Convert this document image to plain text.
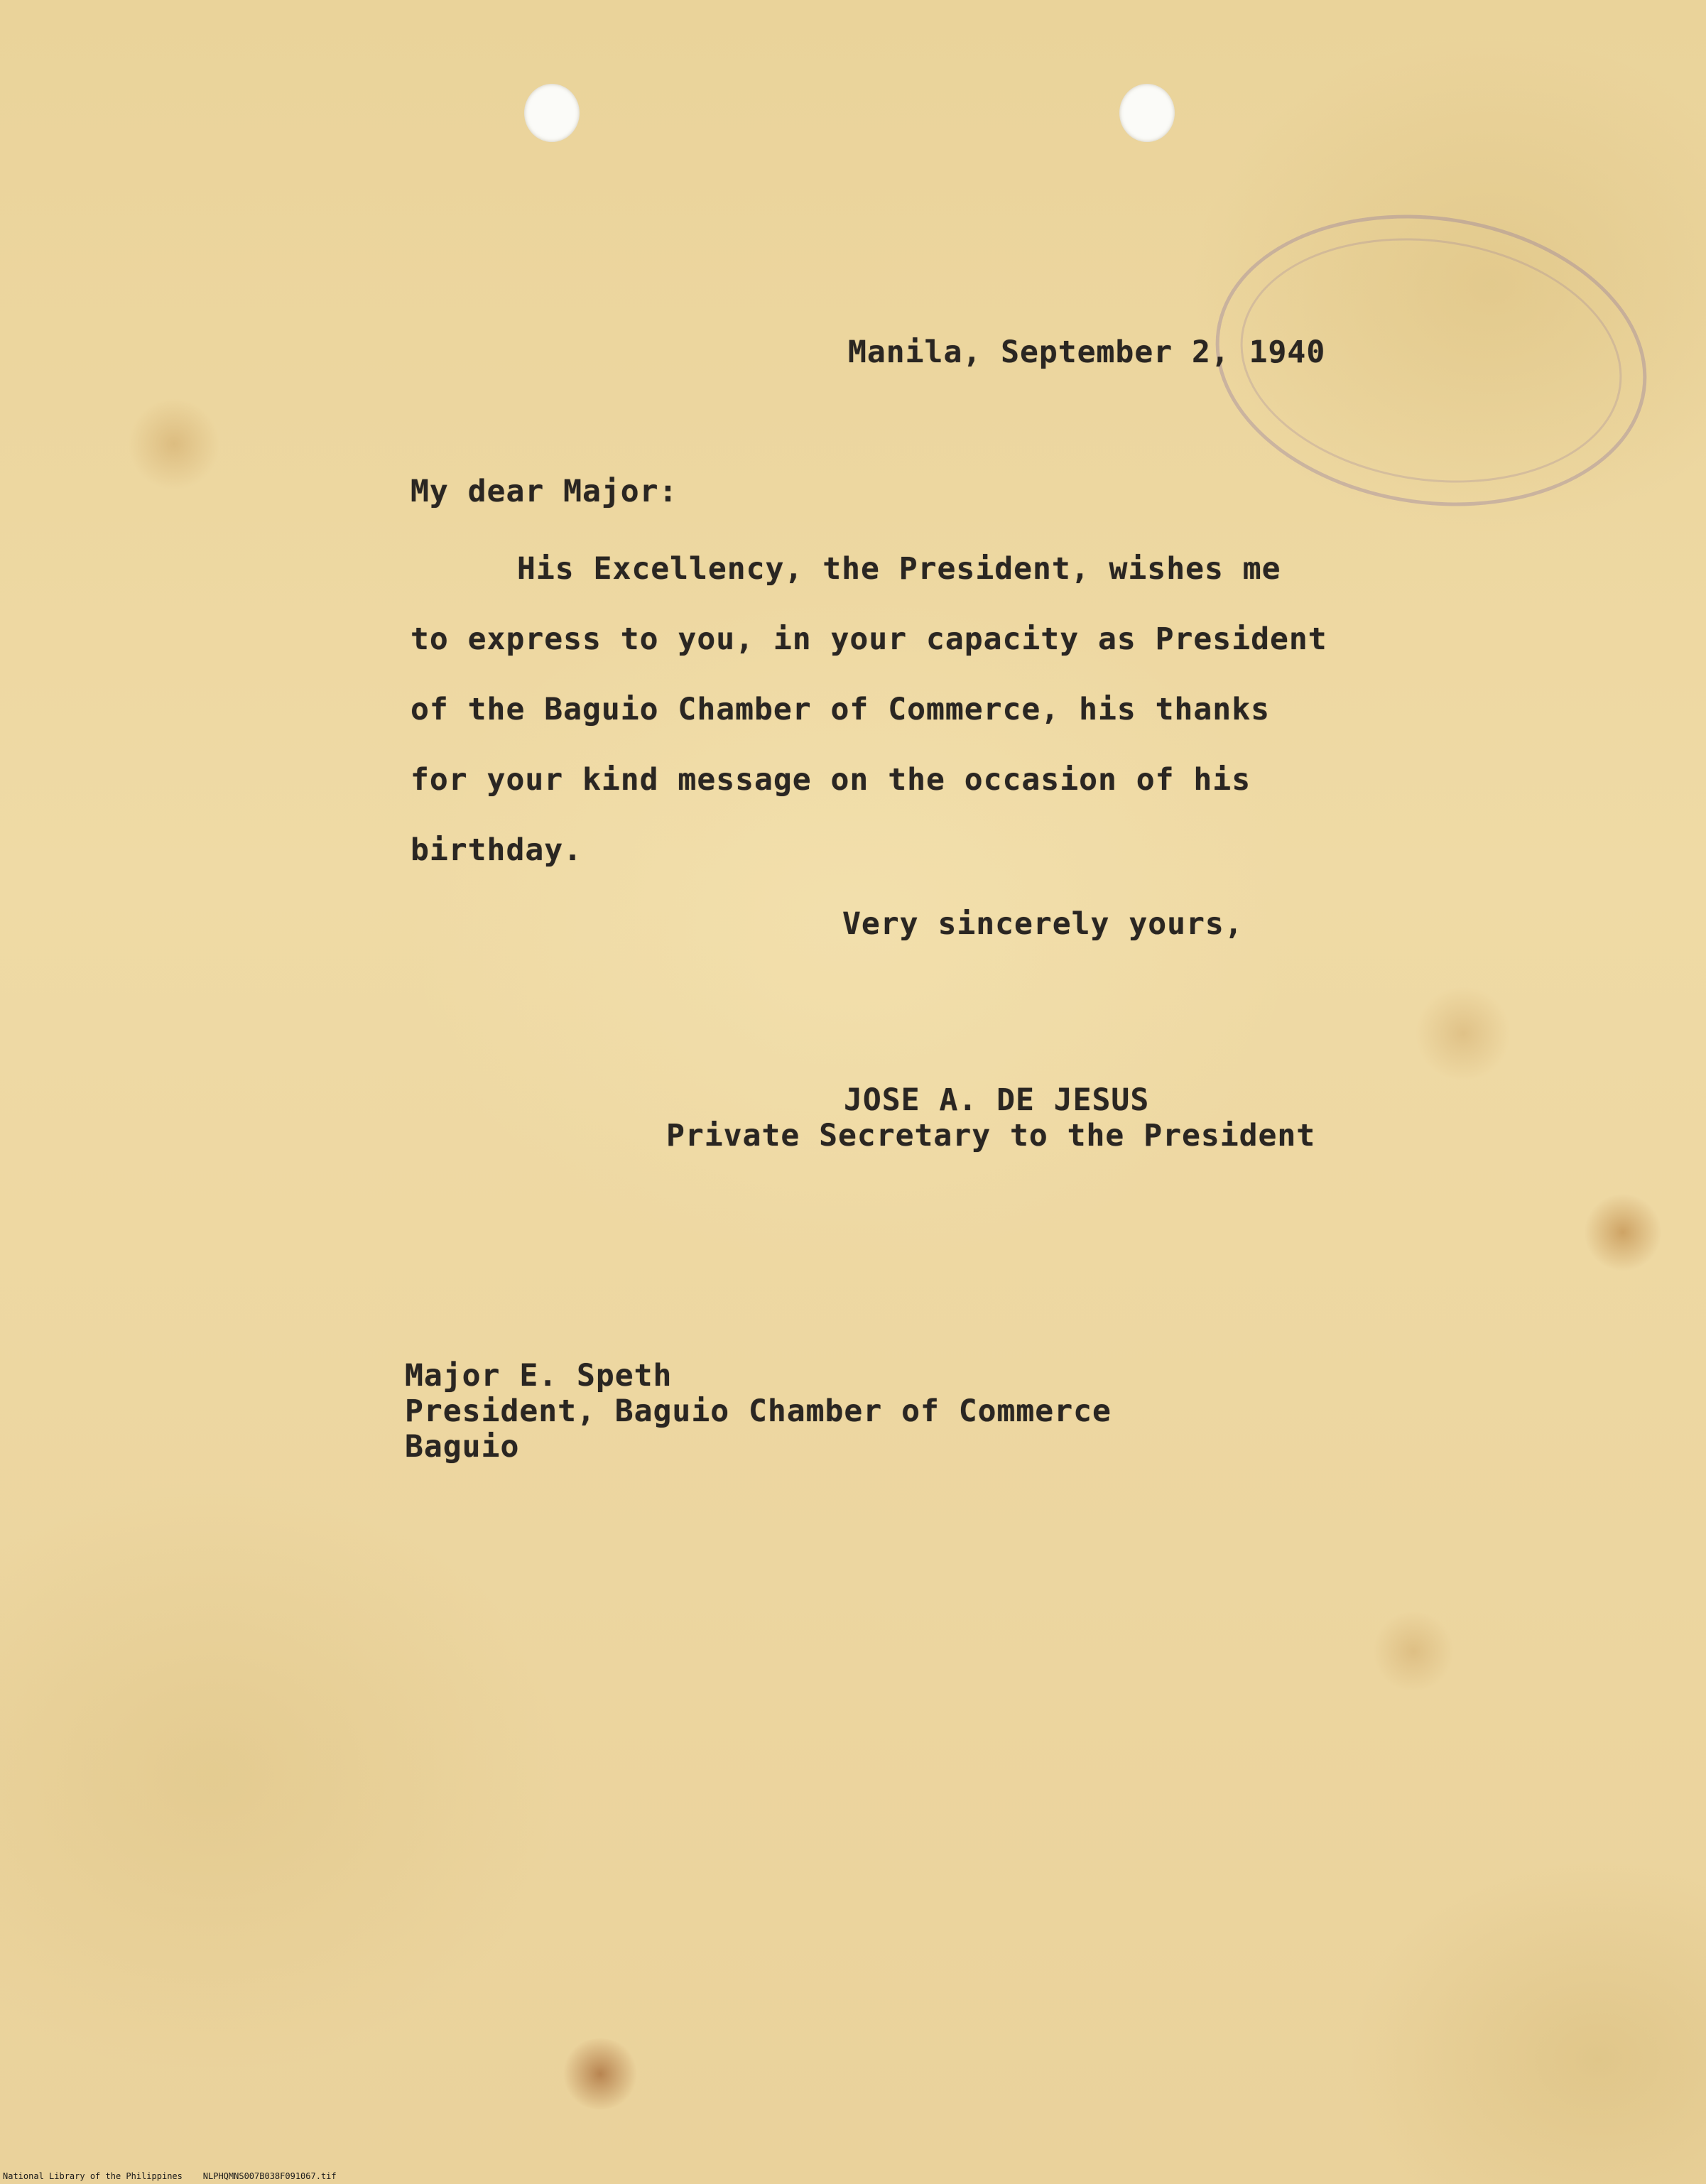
Manila, September 2, 1940
My dear Major:
His Excellency, the President, wishes me
to express to you, in your capacity as President
of the Baguio Chamber of Commerce, his thanks
for your kind message on the occasion of his
birthday.
Very sincerely yours,
JOSE A. DE JESUS
Private Secretary to the President
Major E. Speth
President, Baguio Chamber of Commerce
Baguio
National Library of the Philippines NLPHQMNS007B038F091067.tif
